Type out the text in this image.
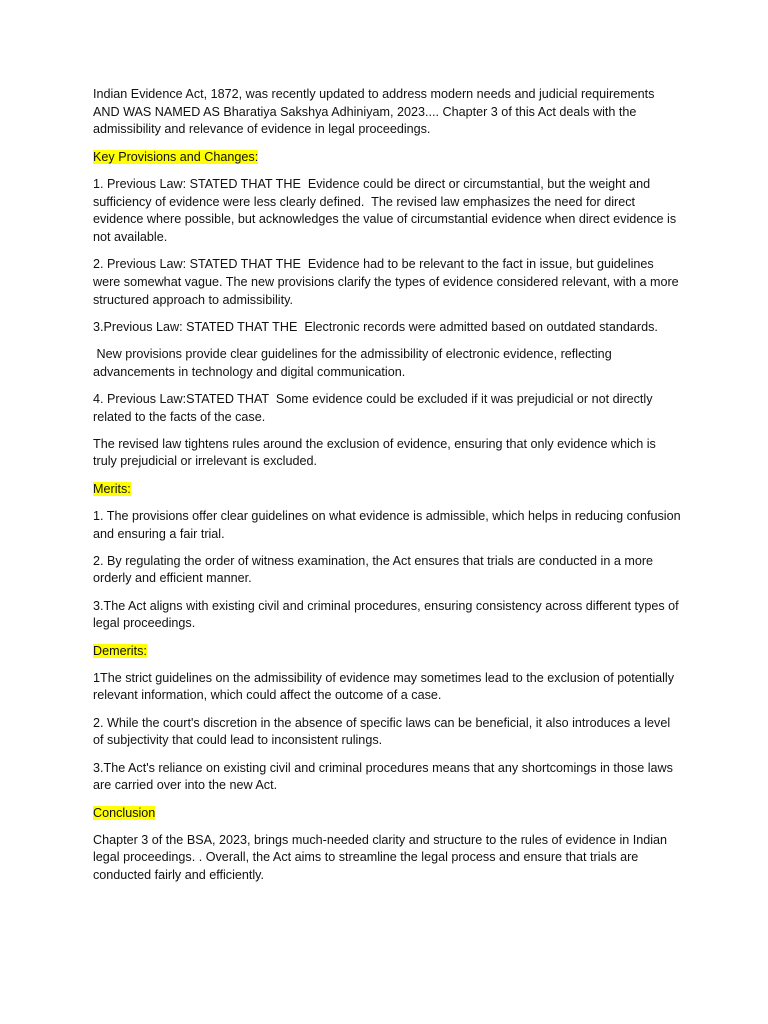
Indian Evidence Act, 1872, was recently updated to address modern needs and judicial requirements AND WAS NAMED AS Bharatiya Sakshya Adhiniyam, 2023.... Chapter 3 of this Act deals with the admissibility and relevance of evidence in legal proceedings.

Key Provisions and Changes:

1. Previous Law: STATED THAT THE  Evidence could be direct or circumstantial, but the weight and sufficiency of evidence were less clearly defined.  The revised law emphasizes the need for direct evidence where possible, but acknowledges the value of circumstantial evidence when direct evidence is not available.

2. Previous Law: STATED THAT THE  Evidence had to be relevant to the fact in issue, but guidelines were somewhat vague. The new provisions clarify the types of evidence considered relevant, with a more structured approach to admissibility.

3.Previous Law: STATED THAT THE  Electronic records were admitted based on outdated standards.

New provisions provide clear guidelines for the admissibility of electronic evidence, reflecting advancements in technology and digital communication.

4. Previous Law:STATED THAT  Some evidence could be excluded if it was prejudicial or not directly related to the facts of the case.

The revised law tightens rules around the exclusion of evidence, ensuring that only evidence which is truly prejudicial or irrelevant is excluded.

Merits:

1. The provisions offer clear guidelines on what evidence is admissible, which helps in reducing confusion and ensuring a fair trial.

2. By regulating the order of witness examination, the Act ensures that trials are conducted in a more orderly and efficient manner.

3.The Act aligns with existing civil and criminal procedures, ensuring consistency across different types of legal proceedings.

Demerits:

1The strict guidelines on the admissibility of evidence may sometimes lead to the exclusion of potentially relevant information, which could affect the outcome of a case.

2. While the court's discretion in the absence of specific laws can be beneficial, it also introduces a level of subjectivity that could lead to inconsistent rulings.

3.The Act's reliance on existing civil and criminal procedures means that any shortcomings in those laws are carried over into the new Act.

Conclusion

Chapter 3 of the BSA, 2023, brings much-needed clarity and structure to the rules of evidence in Indian legal proceedings. . Overall, the Act aims to streamline the legal process and ensure that trials are conducted fairly and efficiently.
